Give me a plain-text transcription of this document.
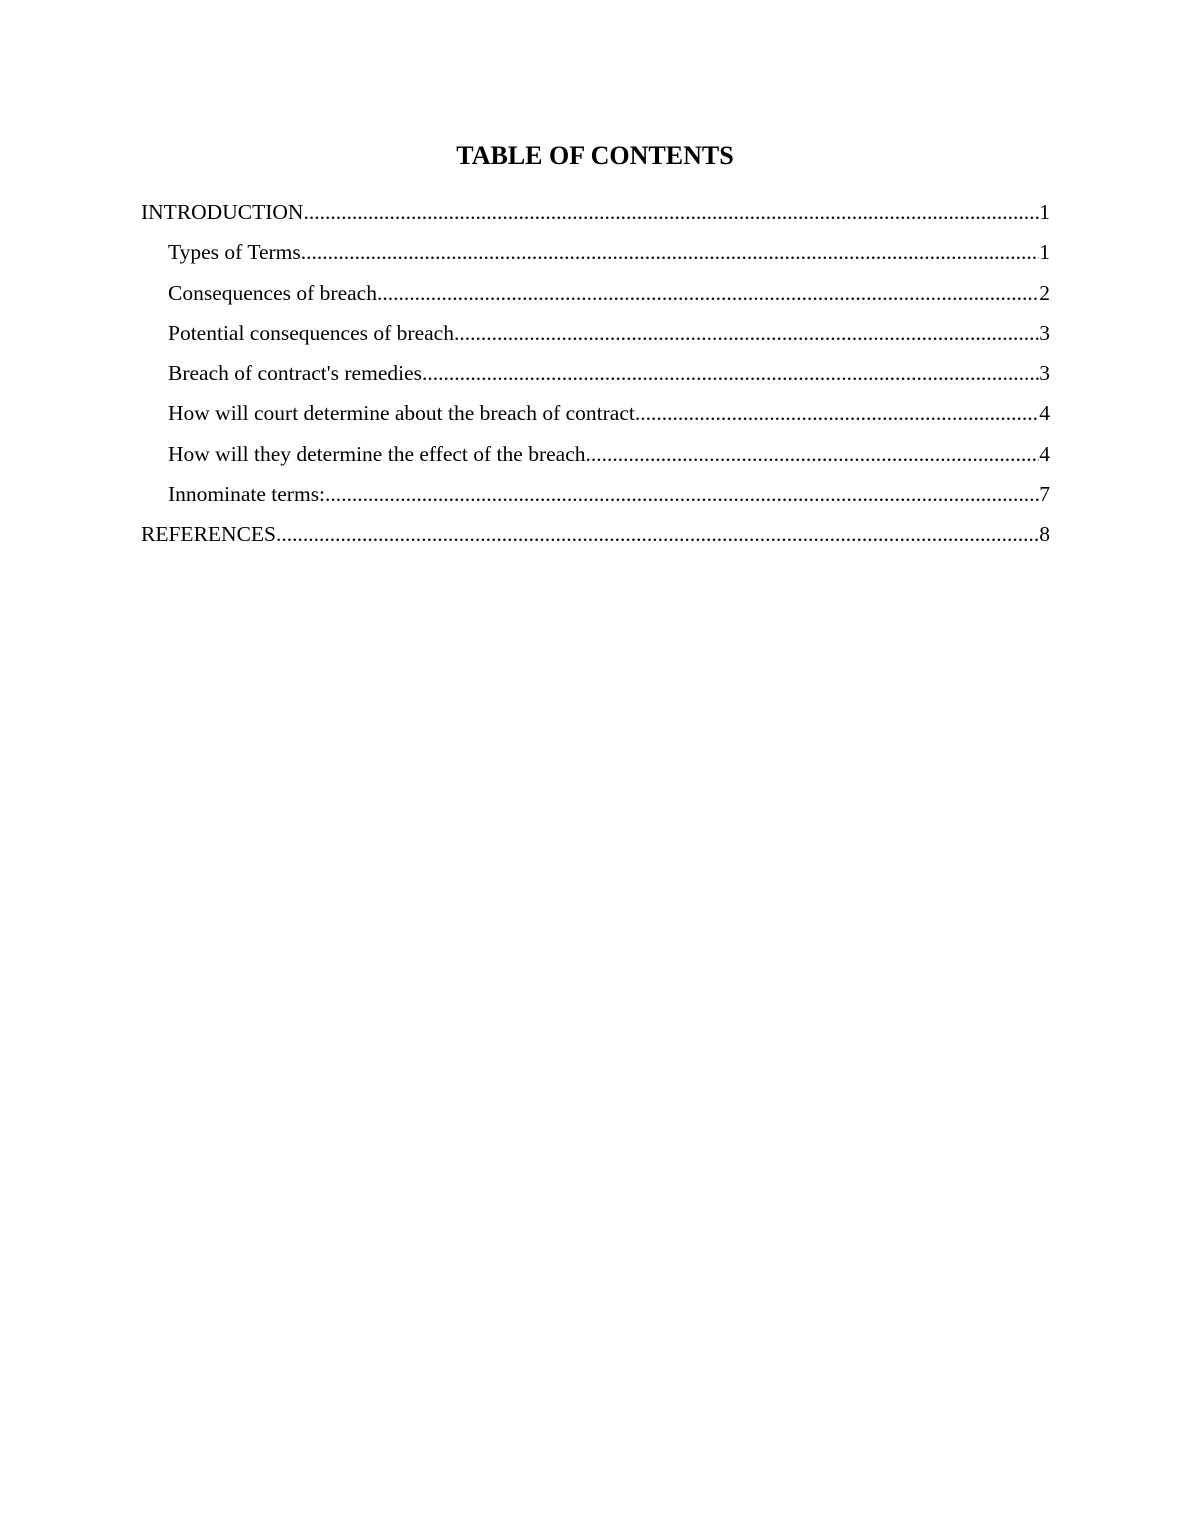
TABLE OF CONTENTS
INTRODUCTION .....	1
Types of Terms .....	1
Consequences of breach .....	2
Potential consequences of breach .....	3
Breach of contract's remedies .....	3
How will court determine about the breach of contract .....	4
How will they determine the effect of the breach .....	4
Innominate terms: .....	7
REFERENCES .....	8
